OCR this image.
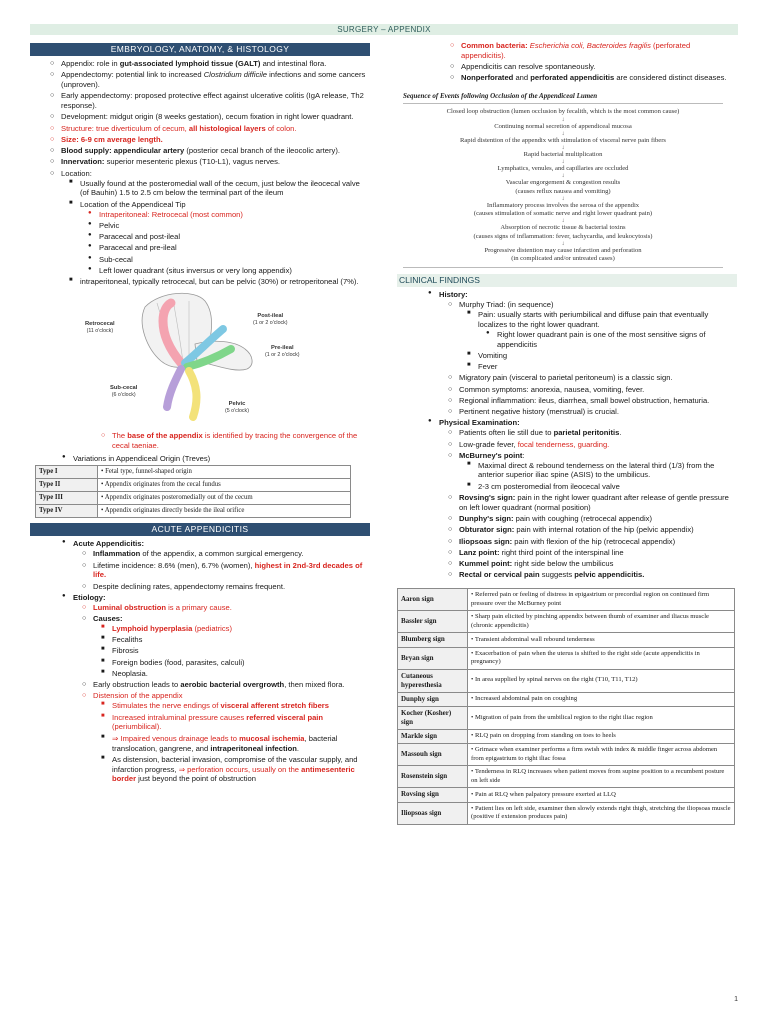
SURGERY – APPENDIX
EMBRYOLOGY, ANATOMY, & HISTOLOGY
○ Appendix: role in gut-associated lymphoid tissue (GALT) and intestinal flora.
○ Appendectomy: potential link to increased Clostridium difficile infections and some cancers (unproven).
○ Early appendectomy: proposed protective effect against ulcerative colitis (IgA release, Th2 response).
○ Development: midgut origin (8 weeks gestation), cecum fixation in right lower quadrant.
○ Structure: true diverticulum of cecum, all histological layers of colon.
○ Size: 6-9 cm average length.
○ Blood supply: appendicular artery (posterior cecal branch of the ileocolic artery).
○ Innervation: superior mesenteric plexus (T10-L1), vagus nerves.
○ Location:
■ Usually found at the posteromedial wall of the cecum, just below the ileocecal valve (of Bauhin) 1.5 to 2.5 cm below the terminal part of the ileum
■ Location of the Appendiceal Tip
● Intraperitoneal: Retrocecal (most common)
● Pelvic
● Paracecal and post-ileal
● Paracecal and pre-ileal
● Sub-cecal
● Left lower quadrant (situs inversus or very long appendix)
■ intraperitoneal, typically retrocecal, but can be pelvic (30%) or retroperitoneal (7%).
Retrocecal
(11 o'clock)
Post-ileal
(1 or 2 o'clock)
Pre-ileal
(1 or 2 o'clock)
Sub-cecal
(6 o'clock)
Pelvic
(5 o'clock)
○ The base of the appendix is identified by tracing the convergence of the cecal taeniae.
● Variations in Appendiceal Origin (Treves)
Type I	• Fetal type, funnel-shaped origin
Type II	• Appendix originates from the cecal fundus
Type III	• Appendix originates posteromedially out of the cecum
Type IV	• Appendix originates directly beside the ileal orifice
ACUTE APPENDICITIS
● Acute Appendicitis:
○ Inflammation of the appendix, a common surgical emergency.
○ Lifetime incidence: 8.6% (men), 6.7% (women), highest in 2nd-3rd decades of life.
○ Despite declining rates, appendectomy remains frequent.
● Etiology:
○ Luminal obstruction is a primary cause.
○ Causes:
■ Lymphoid hyperplasia (pediatrics)
■ Fecaliths
■ Fibrosis
■ Foreign bodies (food, parasites, calculi)
■ Neoplasia.
○ Early obstruction leads to aerobic bacterial overgrowth, then mixed flora.
○ Distension of the appendix
■ Stimulates the nerve endings of visceral afferent stretch fibers
■ Increased intraluminal pressure causes referred visceral pain (periumbilical).
■ ⇒ Impaired venous drainage leads to mucosal ischemia, bacterial translocation, gangrene, and intraperitoneal infection.
■ As distension, bacterial invasion, compromise of the vascular supply, and infarction progress, ⇒ perforation occurs, usually on the antimesenteric border just beyond the point of obstruction
○ Common bacteria: Escherichia coli, Bacteroides fragilis (perforated appendicitis).
○ Appendicitis can resolve spontaneously.
○ Nonperforated and perforated appendicitis are considered distinct diseases.
Sequence of Events following Occlusion of the Appendiceal Lumen
Closed loop obstruction (lumen occlusion by fecalith, which is the most common cause)
↓
Continuing normal secretion of appendiceal mucosa
↓
Rapid distention of the appendix with stimulation of visceral nerve pain fibers
↓
Rapid bacterial multiplication
↓
Lymphatics, venules, and capillaries are occluded
↓
Vascular engorgement & congestion results
(causes reflux nausea and vomiting)
↓
Inflammatory process involves the serosa of the appendix
(causes stimulation of somatic nerve and right lower quadrant pain)
↓
Absorption of necrotic tissue & bacterial toxins
(causes signs of inflammation: fever, tachycardia, and leukocytosis)
↓
Progressive distention may cause infarction and perforation
(in complicated and/or untreated cases)
CLINICAL FINDINGS
● History:
○ Murphy Triad: (in sequence)
■ Pain: usually starts with periumbilical and diffuse pain that eventually localizes to the right lower quadrant.
● Right lower quadrant pain is one of the most sensitive signs of appendicitis
■ Vomiting
■ Fever
○ Migratory pain (visceral to parietal peritoneum) is a classic sign.
○ Common symptoms: anorexia, nausea, vomiting, fever.
○ Regional inflammation: ileus, diarrhea, small bowel obstruction, hematuria.
○ Pertinent negative history (menstrual) is crucial.
● Physical Examination:
○ Patients often lie still due to parietal peritonitis.
○ Low-grade fever, focal tenderness, guarding.
○ McBurney's point:
■ Maximal direct & rebound tenderness on the lateral third (1/3) from the anterior superior iliac spine (ASIS) to the umbilicus.
■ 2-3 cm posteromedial from ileocecal valve
○ Rovsing's sign: pain in the right lower quadrant after release of gentle pressure on left lower quadrant (normal position)
○ Dunphy's sign: pain with coughing (retrocecal appendix)
○ Obturator sign: pain with internal rotation of the hip (pelvic appendix)
○ Iliopsoas sign: pain with flexion of the hip (retrocecal appendix)
○ Lanz point: right third point of the interspinal line
○ Kummel point: right side below the umbilicus
○ Rectal or cervical pain suggests pelvic appendicitis.
Aaron sign	• Referred pain or feeling of distress in epigastrium or precordial region on continued firm pressure over the McBurney point
Bassler sign	• Sharp pain elicited by pinching appendix between thumb of examiner and iliacus muscle (chronic appendicitis)
Blumberg sign	• Transient abdominal wall rebound tenderness
Bryan sign	• Exacerbation of pain when the uterus is shifted to the right side (acute appendicitis in pregnancy)
Cutaneous hyperesthesia	• In area supplied by spinal nerves on the right (T10, T11, T12)
Dunphy sign	• Increased abdominal pain on coughing
Kocher (Kosher) sign	• Migration of pain from the umbilical region to the right iliac region
Markle sign	• RLQ pain on dropping from standing on toes to heels
Massouh sign	• Grimace when examiner performs a firm swish with index & middle finger across abdomen from epigastrium to right iliac fossa
Rosenstein sign	• Tenderness in RLQ increases when patient moves from supine position to a recumbent posture on left side
Rovsing sign	• Pain at RLQ when palpatory pressure exerted at LLQ
Iliopsoas sign	• Patient lies on left side, examiner then slowly extends right thigh, stretching the iliopsoas muscle (positive if extension produces pain)
1
